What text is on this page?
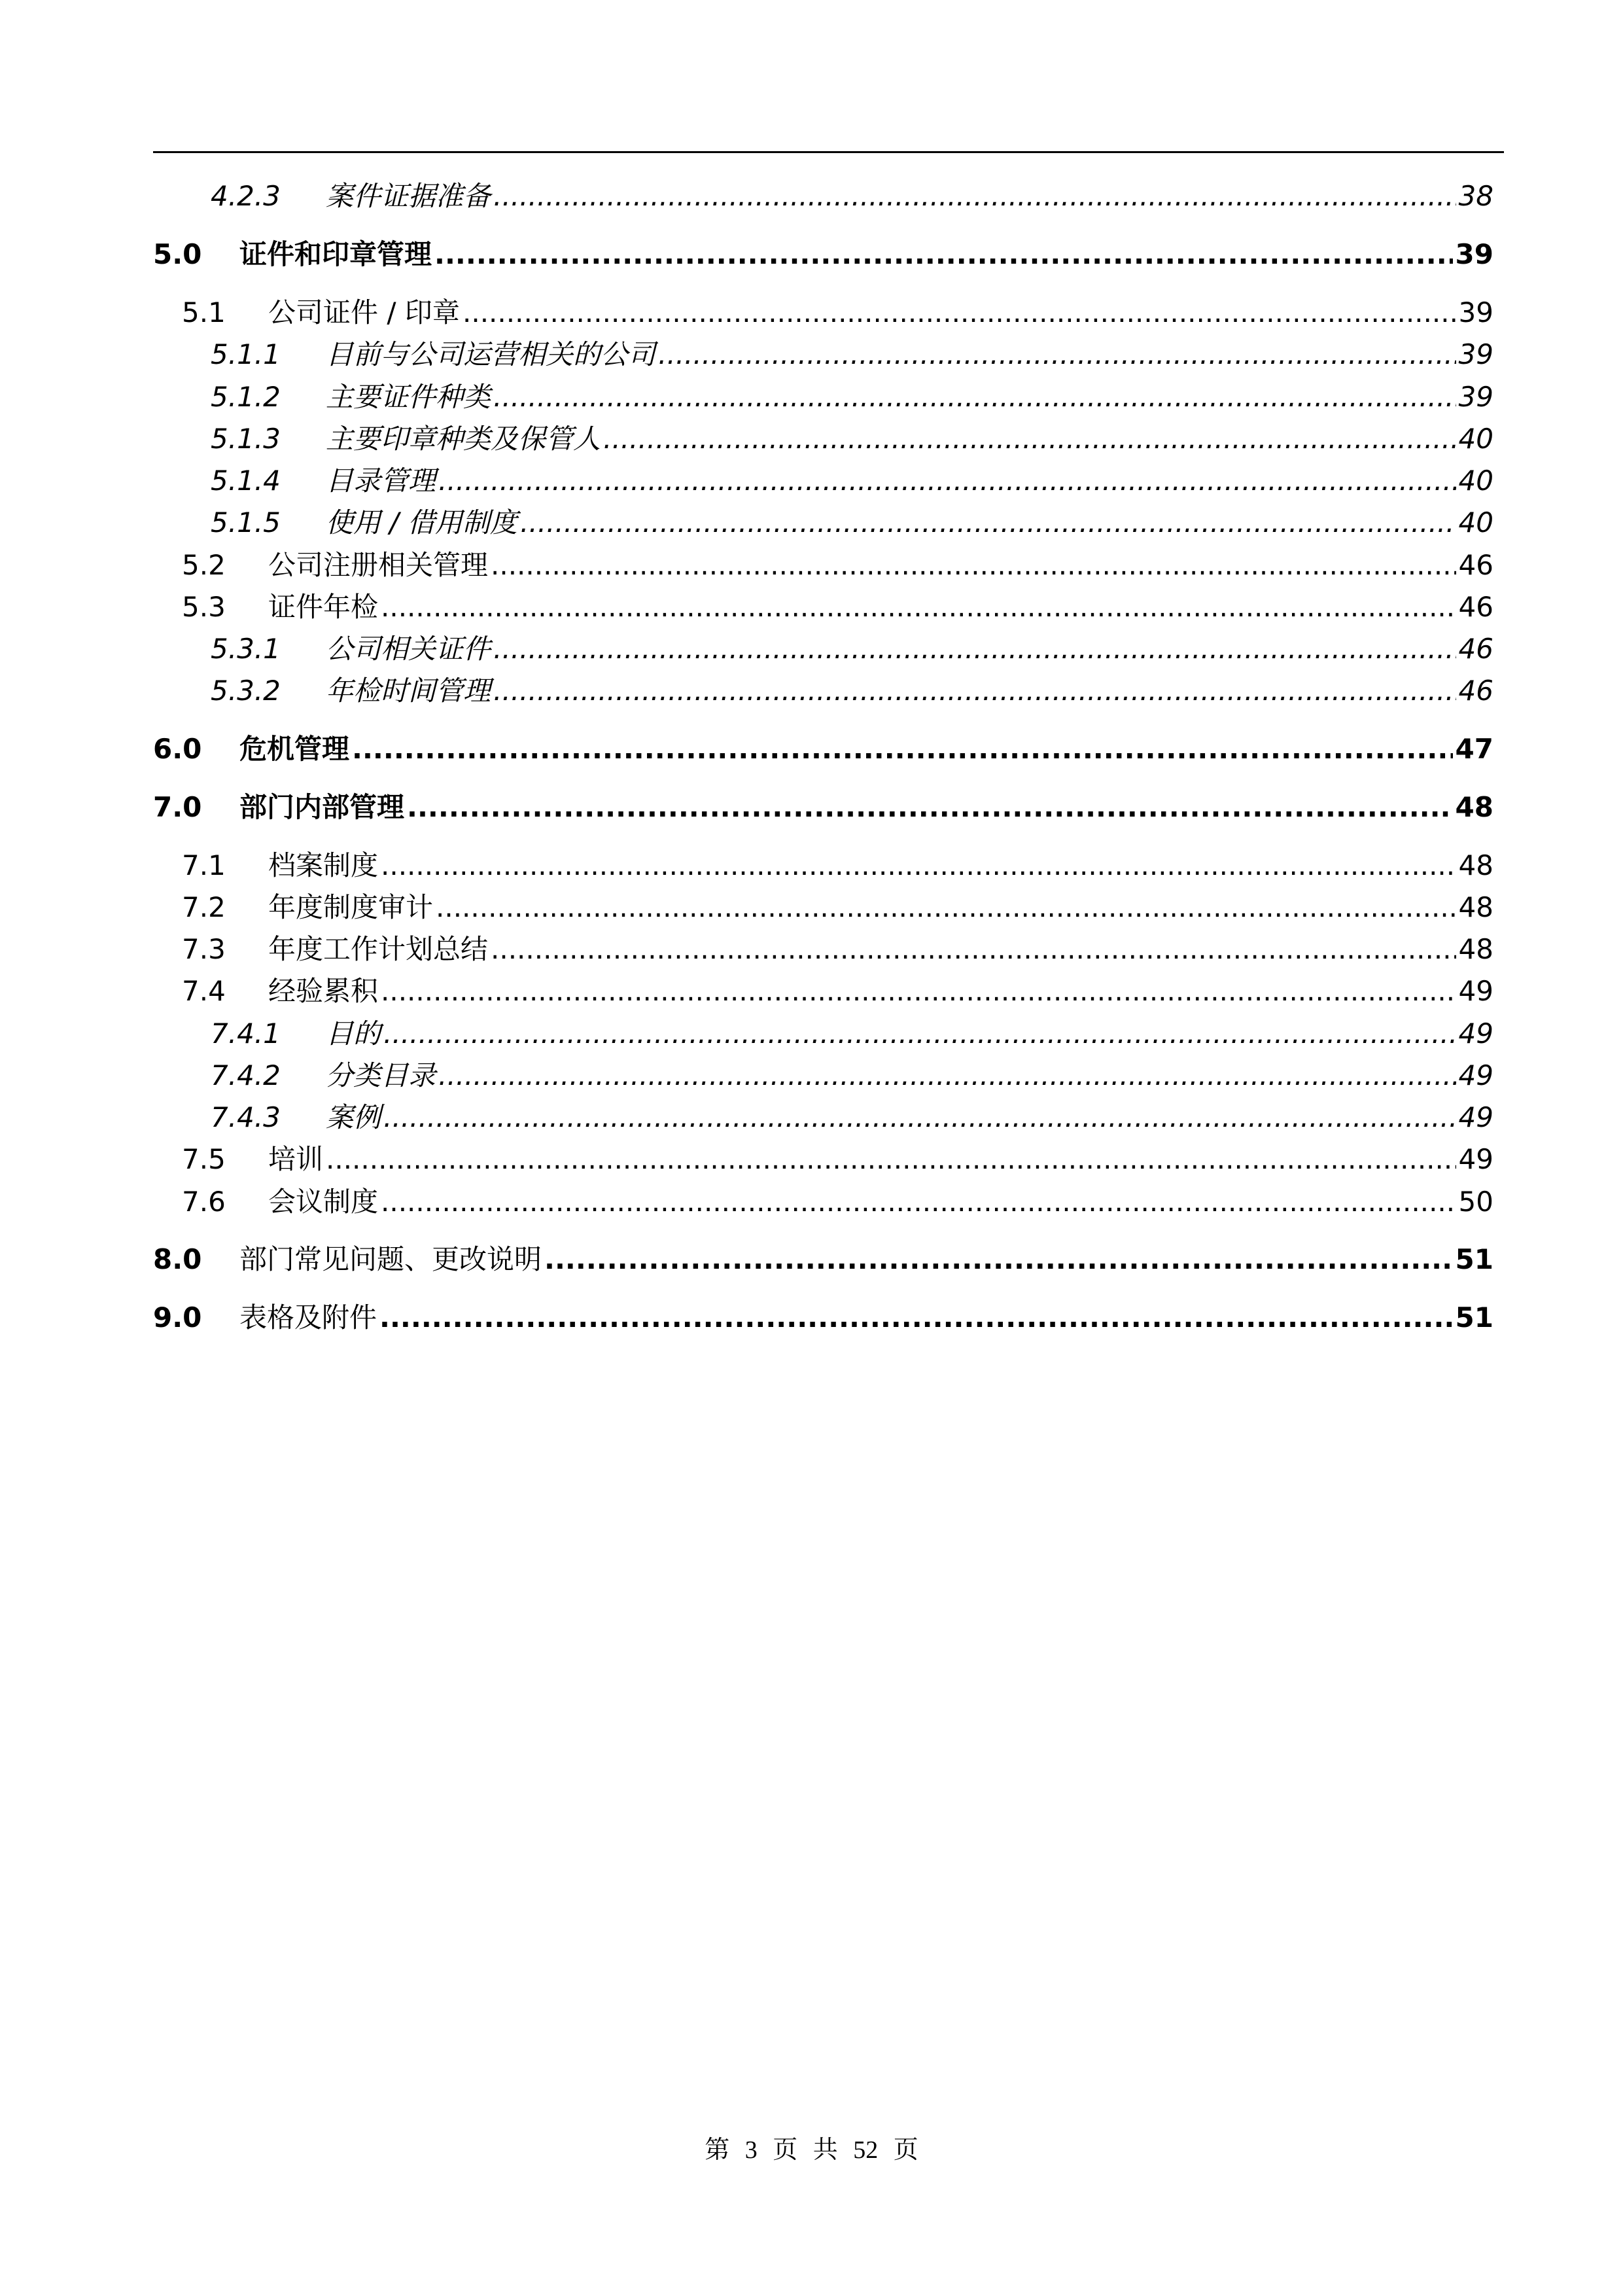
4.2.3 案件证据准备 .....	38
5.0 证件和印章管理 .....	39
5.1 公司证件 / 印章 .....	39
5.1.1 目前与公司运营相关的公司 .....	39
5.1.2 主要证件种类 .....	39
5.1.3 主要印章种类及保管人 .....	40
5.1.4 目录管理 .....	40
5.1.5 使用 / 借用制度 .....	40
5.2 公司注册相关管理 .....	46
5.3 证件年检 .....	46
5.3.1 公司相关证件 .....	46
5.3.2 年检时间管理 .....	46
6.0 危机管理 .....	47
7.0 部门内部管理 .....	48
7.1 档案制度 .....	48
7.2 年度制度审计 .....	48
7.3 年度工作计划总结 .....	48
7.4 经验累积 .....	49
7.4.1 目的 .....	49
7.4.2 分类目录 .....	49
7.4.3 案例 .....	49
7.5 培训 .....	49
7.6 会议制度 .....	50
8.0 部门常见问题、更改说明 .....	51
9.0 表格及附件 .....	51
第 3 页 共 52 页
